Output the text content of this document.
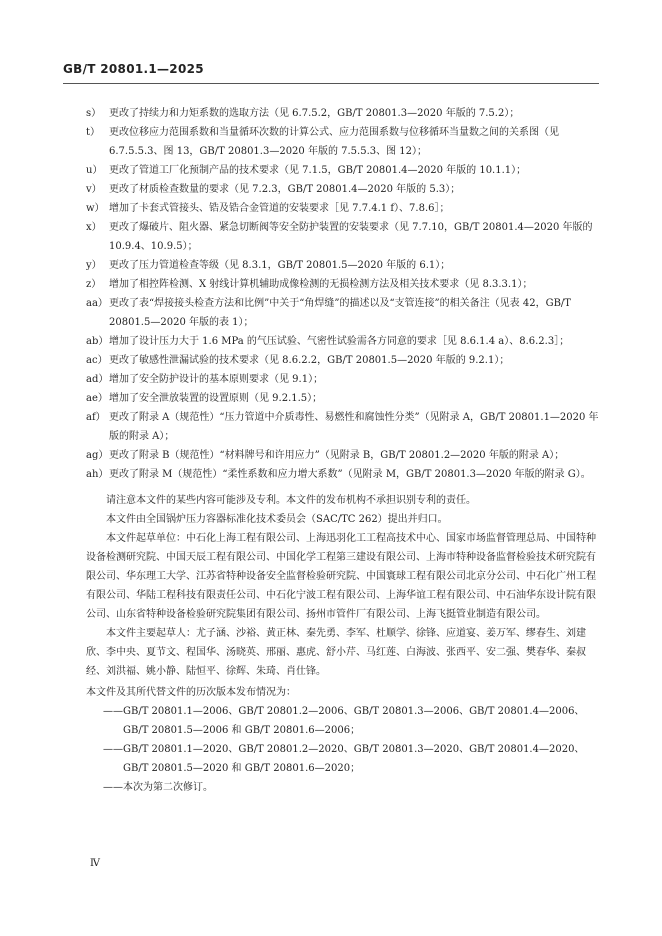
GB/T 20801.1—2025
s） 更改了持续力和力矩系数的选取方法（见 6.7.5.2，GB/T 20801.3—2020 年版的 7.5.2）；
t） 更改位移应力范围系数和当量循环次数的计算公式、应力范围系数与位移循环当量数之间的关系图（见 6.7.5.5.3、图 13，GB/T 20801.3—2020 年版的 7.5.5.3、图 12）；
u） 更改了管道工厂化预制产品的技术要求（见 7.1.5，GB/T 20801.4—2020 年版的 10.1.1）；
v） 更改了材质检查数量的要求（见 7.2.3，GB/T 20801.4—2020 年版的 5.3）；
w） 增加了卡套式管接头、锆及锆合金管道的安装要求［见 7.7.4.1 f）、7.8.6］；
x） 更改了爆破片、阻火器、紧急切断阀等安全防护装置的安装要求（见 7.7.10，GB/T 20801.4—2020 年版的 10.9.4、10.9.5）；
y） 更改了压力管道检查等级（见 8.3.1，GB/T 20801.5—2020 年版的 6.1）；
z） 增加了相控阵检测、X 射线计算机辅助成像检测的无损检测方法及相关技术要求（见 8.3.3.1）；
aa） 更改了表“焊接接头检查方法和比例”中关于“角焊缝”的描述以及“支管连接”的相关备注（见表 42，GB/T 20801.5—2020 年版的表 1）；
ab） 增加了设计压力大于 1.6 MPa 的气压试验、气密性试验需各方同意的要求［见 8.6.1.4 a）、8.6.2.3］；
ac） 更改了敏感性泄漏试验的技术要求（见 8.6.2.2，GB/T 20801.5—2020 年版的 9.2.1）；
ad） 增加了安全防护设计的基本原则要求（见 9.1）；
ae） 增加了安全泄放装置的设置原则（见 9.2.1.5）；
af） 更改了附录 A（规范性）“压力管道中介质毒性、易燃性和腐蚀性分类”（见附录 A，GB/T 20801.1—2020 年版的附录 A）；
ag） 更改了附录 B（规范性）“材料牌号和许用应力”（见附录 B，GB/T 20801.2—2020 年版的附录 A）；
ah） 更改了附录 M（规范性）“柔性系数和应力增大系数”（见附录 M，GB/T 20801.3—2020 年版的附录 G）。

请注意本文件的某些内容可能涉及专利。本文件的发布机构不承担识别专利的责任。

本文件由全国锅炉压力容器标准化技术委员会（SAC/TC 262）提出并归口。

本文件起草单位：中石化上海工程有限公司、上海迅羽化工工程高技术中心、国家市场监督管理总局、中国特种设备检测研究院、中国天辰工程有限公司、中国化学工程第三建设有限公司、上海市特种设备监督检验技术研究院有限公司、华东理工大学、江苏省特种设备安全监督检验研究院、中国寰球工程有限公司北京分公司、中石化广州工程有限公司、华陆工程科技有限责任公司、中石化宁波工程有限公司、上海华谊工程有限公司、中石油华东设计院有限公司、山东省特种设备检验研究院集团有限公司、扬州市管件厂有限公司、上海飞挺管业制造有限公司。

本文件主要起草人：尤子涵、沙裕、黄正林、秦先勇、李军、杜顺学、徐锋、应道宴、姜万军、缪春生、刘建欣、李中央、夏节文、程国华、汤晓英、邢丽、惠虎、舒小芹、马红莲、白海波、张西平、安二强、樊春华、秦叔经、刘洪福、姚小静、陆恒平、徐辉、朱琦、肖仕锋。

本文件及其所代替文件的历次版本发布情况为：
——GB/T 20801.1—2006、GB/T 20801.2—2006、GB/T 20801.3—2006、GB/T 20801.4—2006、GB/T 20801.5—2006 和 GB/T 20801.6—2006；
——GB/T 20801.1—2020、GB/T 20801.2—2020、GB/T 20801.3—2020、GB/T 20801.4—2020、GB/T 20801.5—2020 和 GB/T 20801.6—2020；
——本次为第二次修订。
Ⅳ
